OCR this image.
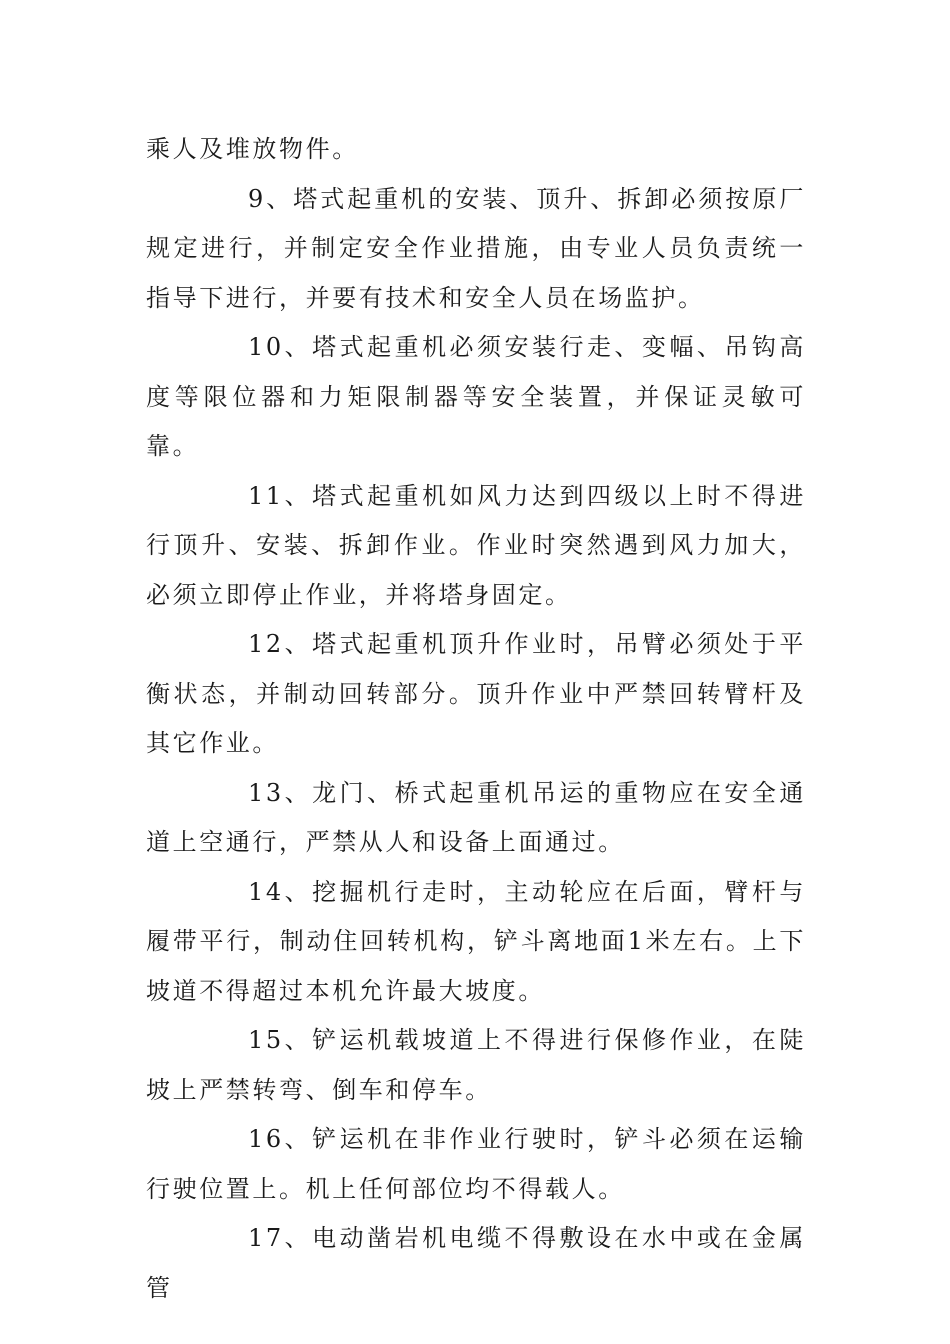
乘人及堆放物件。

9、塔式起重机的安装、顶升、拆卸必须按原厂规定进行，并制定安全作业措施，由专业人员负责统一指导下进行，并要有技术和安全人员在场监护。

10、塔式起重机必须安装行走、变幅、吊钩高度等限位器和力矩限制器等安全装置，并保证灵敏可靠。

11、塔式起重机如风力达到四级以上时不得进行顶升、安装、拆卸作业。作业时突然遇到风力加大，必须立即停止作业，并将塔身固定。

12、塔式起重机顶升作业时，吊臂必须处于平衡状态，并制动回转部分。顶升作业中严禁回转臂杆及其它作业。

13、龙门、桥式起重机吊运的重物应在安全通道上空通行，严禁从人和设备上面通过。

14、挖掘机行走时，主动轮应在后面，臂杆与履带平行，制动住回转机构，铲斗离地面1米左右。上下坡道不得超过本机允许最大坡度。

15、铲运机载坡道上不得进行保修作业，在陡坡上严禁转弯、倒车和停车。

16、铲运机在非作业行驶时，铲斗必须在运输行驶位置上。机上任何部位均不得载人。

17、电动凿岩机电缆不得敷设在水中或在金属管
